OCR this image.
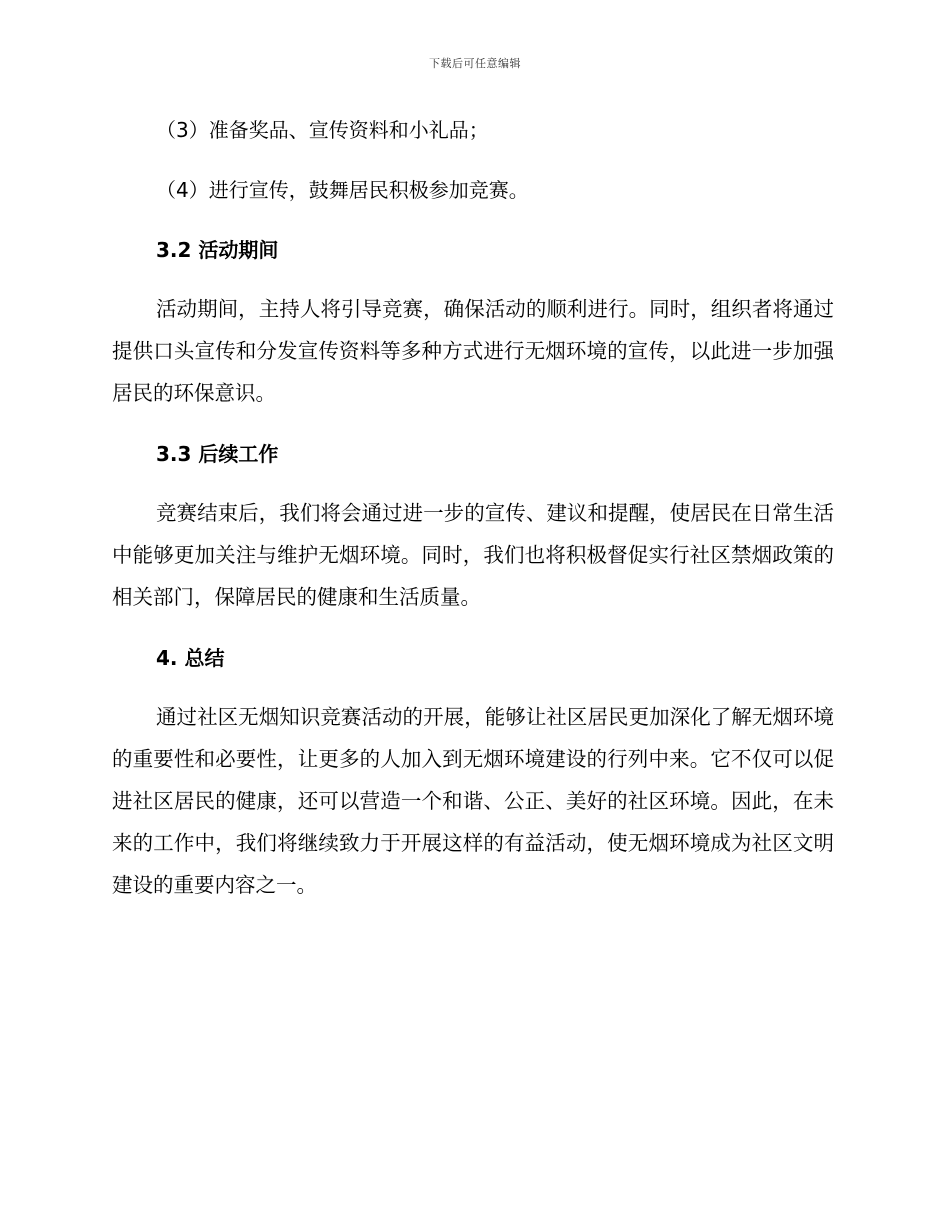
下载后可任意编辑

（3）准备奖品、宣传资料和小礼品；

（4）进行宣传，鼓舞居民积极参加竞赛。

3.2 活动期间

活动期间，主持人将引导竞赛，确保活动的顺利进行。同时，组织者将通过提供口头宣传和分发宣传资料等多种方式进行无烟环境的宣传，以此进一步加强居民的环保意识。

3.3 后续工作

竞赛结束后，我们将会通过进一步的宣传、建议和提醒，使居民在日常生活中能够更加关注与维护无烟环境。同时，我们也将积极督促实行社区禁烟政策的相关部门，保障居民的健康和生活质量。

4. 总结

通过社区无烟知识竞赛活动的开展，能够让社区居民更加深化了解无烟环境的重要性和必要性，让更多的人加入到无烟环境建设的行列中来。它不仅可以促进社区居民的健康，还可以营造一个和谐、公正、美好的社区环境。因此，在未来的工作中，我们将继续致力于开展这样的有益活动，使无烟环境成为社区文明建设的重要内容之一。
